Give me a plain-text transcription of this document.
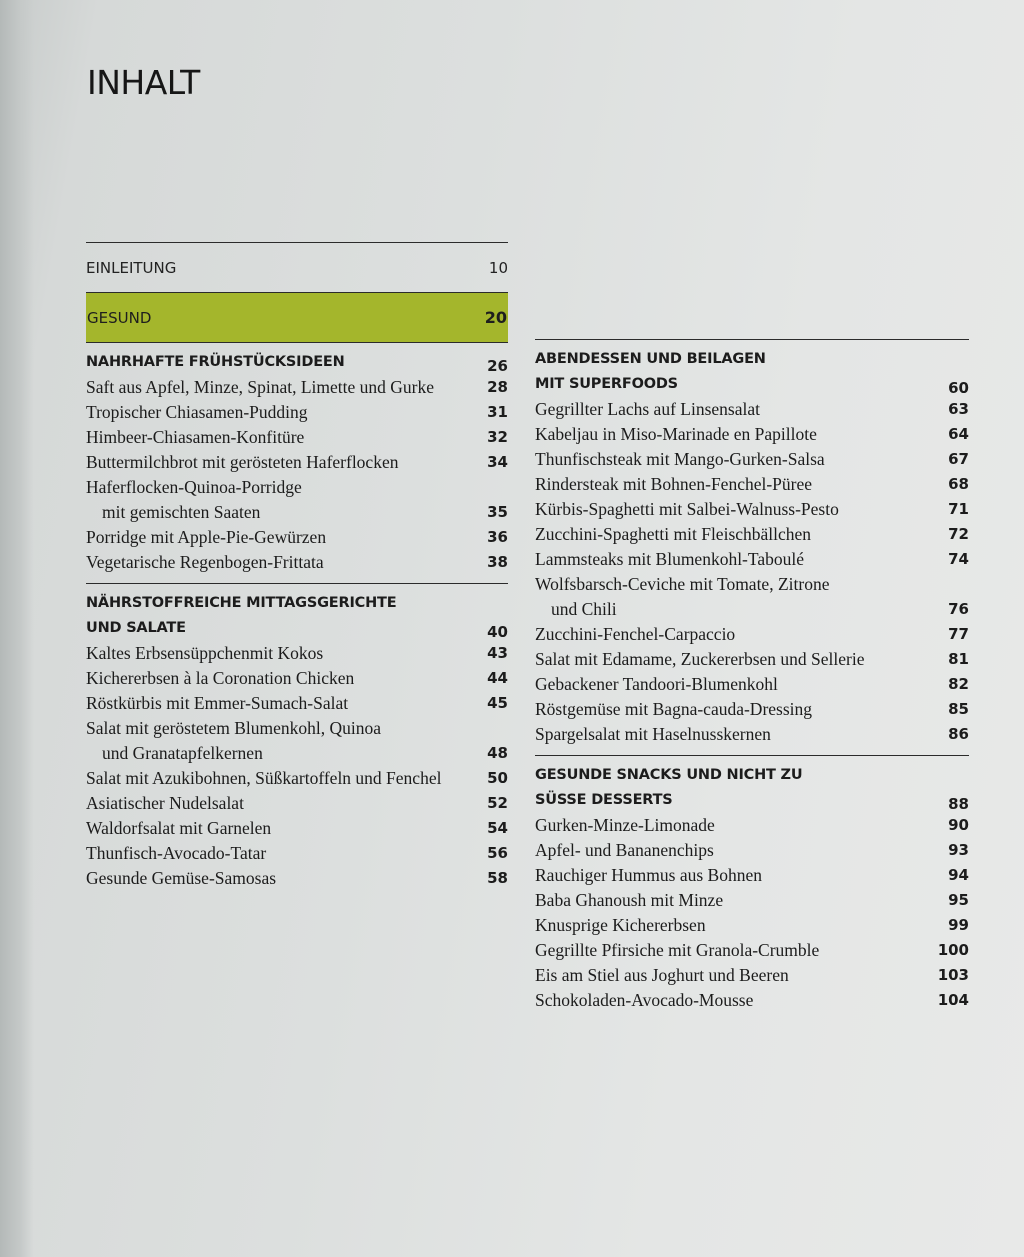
INHALT
EINLEITUNG	10
GESUND	20
NAHRHAFTE FRÜHSTÜCKSIDEEN	26
Saft aus Apfel, Minze, Spinat, Limette und Gurke	28
Tropischer Chiasamen-Pudding	31
Himbeer-Chiasamen-Konfitüre	32
Buttermilchbrot mit gerösteten Haferflocken	34
Haferflocken-Quinoa-Porridge
mit gemischten Saaten	35
Porridge mit Apple-Pie-Gewürzen	36
Vegetarische Regenbogen-Frittata	38
NÄHRSTOFFREICHE MITTAGSGERICHTE
UND SALATE	40
Kaltes Erbsensüppchenmit Kokos	43
Kichererbsen à la Coronation Chicken	44
Röstkürbis mit Emmer-Sumach-Salat	45
Salat mit geröstetem Blumenkohl, Quinoa
und Granatapfelkernen	48
Salat mit Azukibohnen, Süßkartoffeln und Fenchel	50
Asiatischer Nudelsalat	52
Waldorfsalat mit Garnelen	54
Thunfisch-Avocado-Tatar	56
Gesunde Gemüse-Samosas	58
ABENDESSEN UND BEILAGEN
MIT SUPERFOODS	60
Gegrillter Lachs auf Linsensalat	63
Kabeljau in Miso-Marinade en Papillote	64
Thunfischsteak mit Mango-Gurken-Salsa	67
Rindersteak mit Bohnen-Fenchel-Püree	68
Kürbis-Spaghetti mit Salbei-Walnuss-Pesto	71
Zucchini-Spaghetti mit Fleischbällchen	72
Lammsteaks mit Blumenkohl-Taboulé	74
Wolfsbarsch-Ceviche mit Tomate, Zitrone
und Chili	76
Zucchini-Fenchel-Carpaccio	77
Salat mit Edamame, Zuckererbsen und Sellerie	81
Gebackener Tandoori-Blumenkohl	82
Röstgemüse mit Bagna-cauda-Dressing	85
Spargelsalat mit Haselnusskernen	86
GESUNDE SNACKS UND NICHT ZU
SÜSSE DESSERTS	88
Gurken-Minze-Limonade	90
Apfel- und Bananenchips	93
Rauchiger Hummus aus Bohnen	94
Baba Ghanoush mit Minze	95
Knusprige Kichererbsen	99
Gegrillte Pfirsiche mit Granola-Crumble	100
Eis am Stiel aus Joghurt und Beeren	103
Schokoladen-Avocado-Mousse	104
